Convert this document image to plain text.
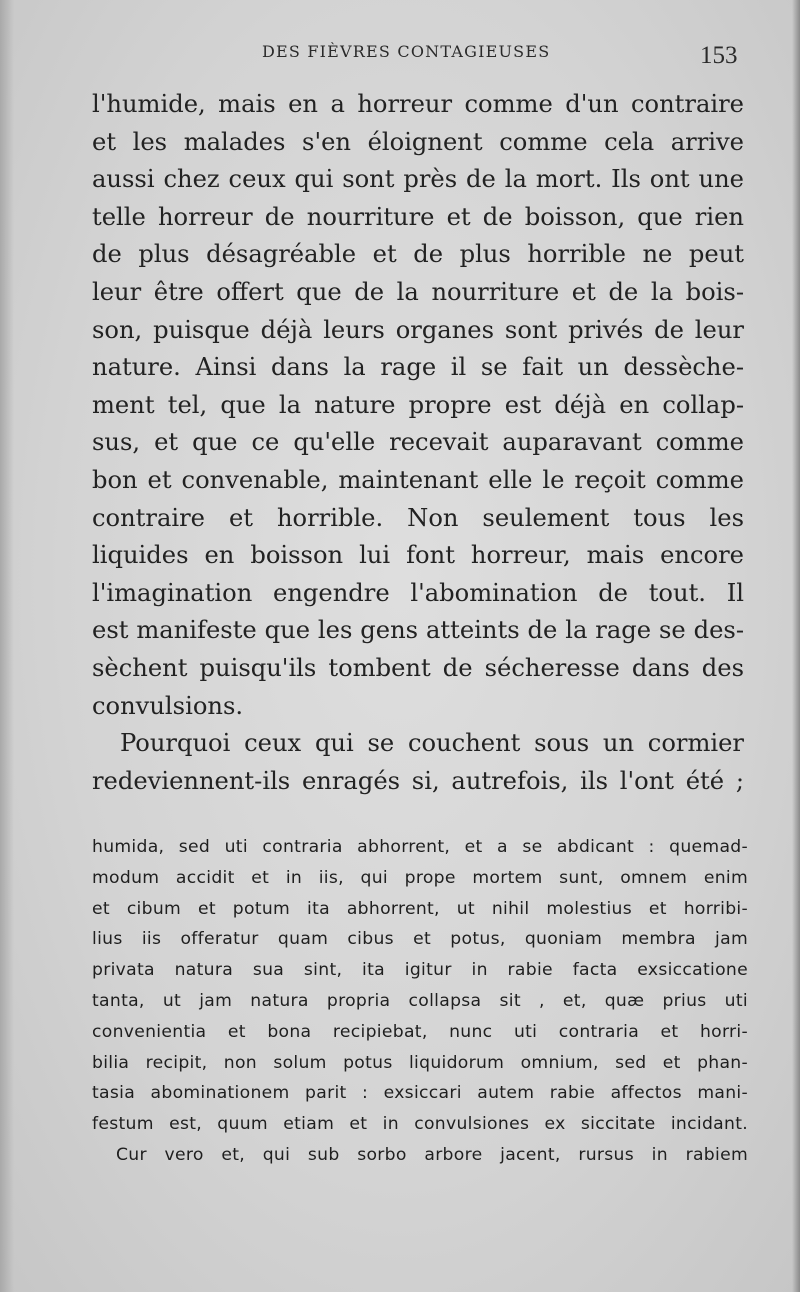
DES FIÈVRES CONTAGIEUSES	153
l'humide, mais en a horreur comme d'un contraire
et les malades s'en éloignent comme cela arrive
aussi chez ceux qui sont près de la mort. Ils ont une
telle horreur de nourriture et de boisson, que rien
de plus désagréable et de plus horrible ne peut
leur être offert que de la nourriture et de la bois-
son, puisque déjà leurs organes sont privés de leur
nature. Ainsi dans la rage il se fait un dessèche-
ment tel, que la nature propre est déjà en collap-
sus, et que ce qu'elle recevait auparavant comme
bon et convenable, maintenant elle le reçoit comme
contraire et horrible. Non seulement tous les
liquides en boisson lui font horreur, mais encore
l'imagination engendre l'abomination de tout. Il
est manifeste que les gens atteints de la rage se des-
sèchent puisqu'ils tombent de sécheresse dans des
convulsions.
Pourquoi ceux qui se couchent sous un cormier
redeviennent-ils enragés si, autrefois, ils l'ont été ;
humida, sed uti contraria abhorrent, et a se abdicant : quemad-
modum accidit et in iis, qui prope mortem sunt, omnem enim
et cibum et potum ita abhorrent, ut nihil molestius et horribi-
lius iis offeratur quam cibus et potus, quoniam membra jam
privata natura sua sint, ita igitur in rabie facta exsiccatione
tanta, ut jam natura propria collapsa sit , et, quæ prius uti
convenientia et bona recipiebat, nunc uti contraria et horri-
bilia recipit, non solum potus liquidorum omnium, sed et phan-
tasia abominationem parit : exsiccari autem rabie affectos mani-
festum est, quum etiam et in convulsiones ex siccitate incidant.
Cur vero et, qui sub sorbo arbore jacent, rursus in rabiem
